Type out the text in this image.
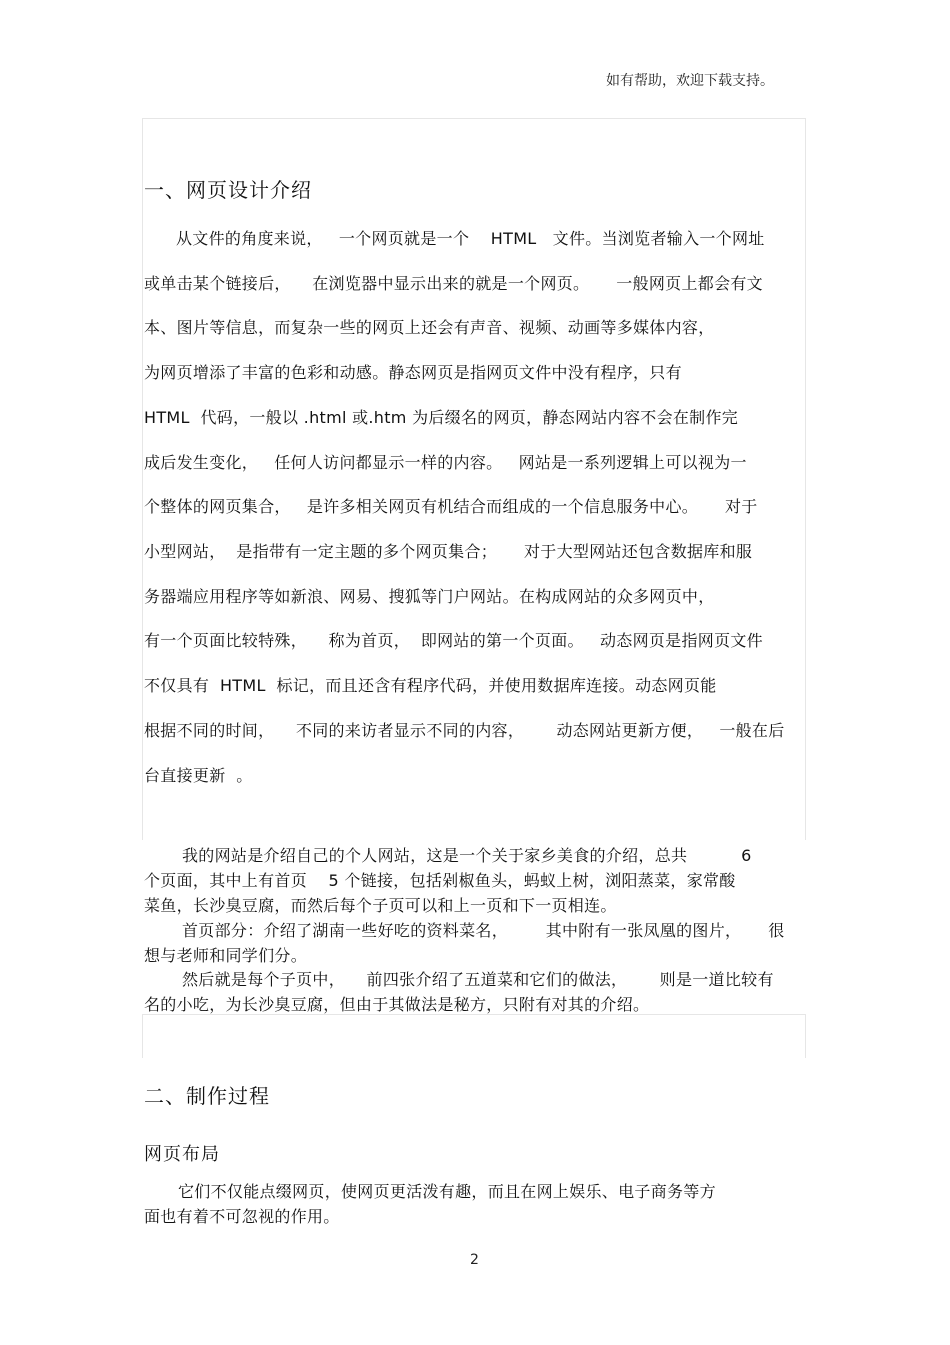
如有帮助，欢迎下载支持。
一、网页设计介绍
从文件的角度来说，   一个网页就是一个    HTML   文件。当浏览者输入一个网址
或单击某个链接后，    在浏览器中显示出来的就是一个网页。     一般网页上都会有文
本、图片等信息，而复杂一些的网页上还会有声音、视频、动画等多媒体内容，
为网页增添了丰富的色彩和动感。静态网页是指网页文件中没有程序，只有
HTML  代码，一般以 .html 或.htm 为后缀名的网页，静态网站内容不会在制作完
成后发生变化，   任何人访问都显示一样的内容。   网站是一系列逻辑上可以视为一
个整体的网页集合，   是许多相关网页有机结合而组成的一个信息服务中心。     对于
小型网站，  是指带有一定主题的多个网页集合；     对于大型网站还包含数据库和服
务器端应用程序等如新浪、网易、搜狐等门户网站。在构成网站的众多网页中，
有一个页面比较特殊，    称为首页，  即网站的第一个页面。   动态网页是指网页文件
不仅具有  HTML  标记，而且还含有程序代码，并使用数据库连接。动态网页能
根据不同的时间，    不同的来访者显示不同的内容，      动态网站更新方便，   一般在后
台直接更新  。
我的网站是介绍自己的个人网站，这是一个关于家乡美食的介绍，总共          6
个页面，其中上有首页    5 个链接，包括剁椒鱼头，蚂蚁上树，浏阳蒸菜，家常酸
菜鱼，长沙臭豆腐，而然后每个子页可以和上一页和下一页相连。
首页部分：介绍了湖南一些好吃的资料菜名，       其中附有一张凤凰的图片，     很
想与老师和同学们分。
然后就是每个子页中，    前四张介绍了五道菜和它们的做法，      则是一道比较有
名的小吃，为长沙臭豆腐，但由于其做法是秘方，只附有对其的介绍。
二、制作过程
网页布局
它们不仅能点缀网页，使网页更活泼有趣，而且在网上娱乐、电子商务等方
面也有着不可忽视的作用。
2
